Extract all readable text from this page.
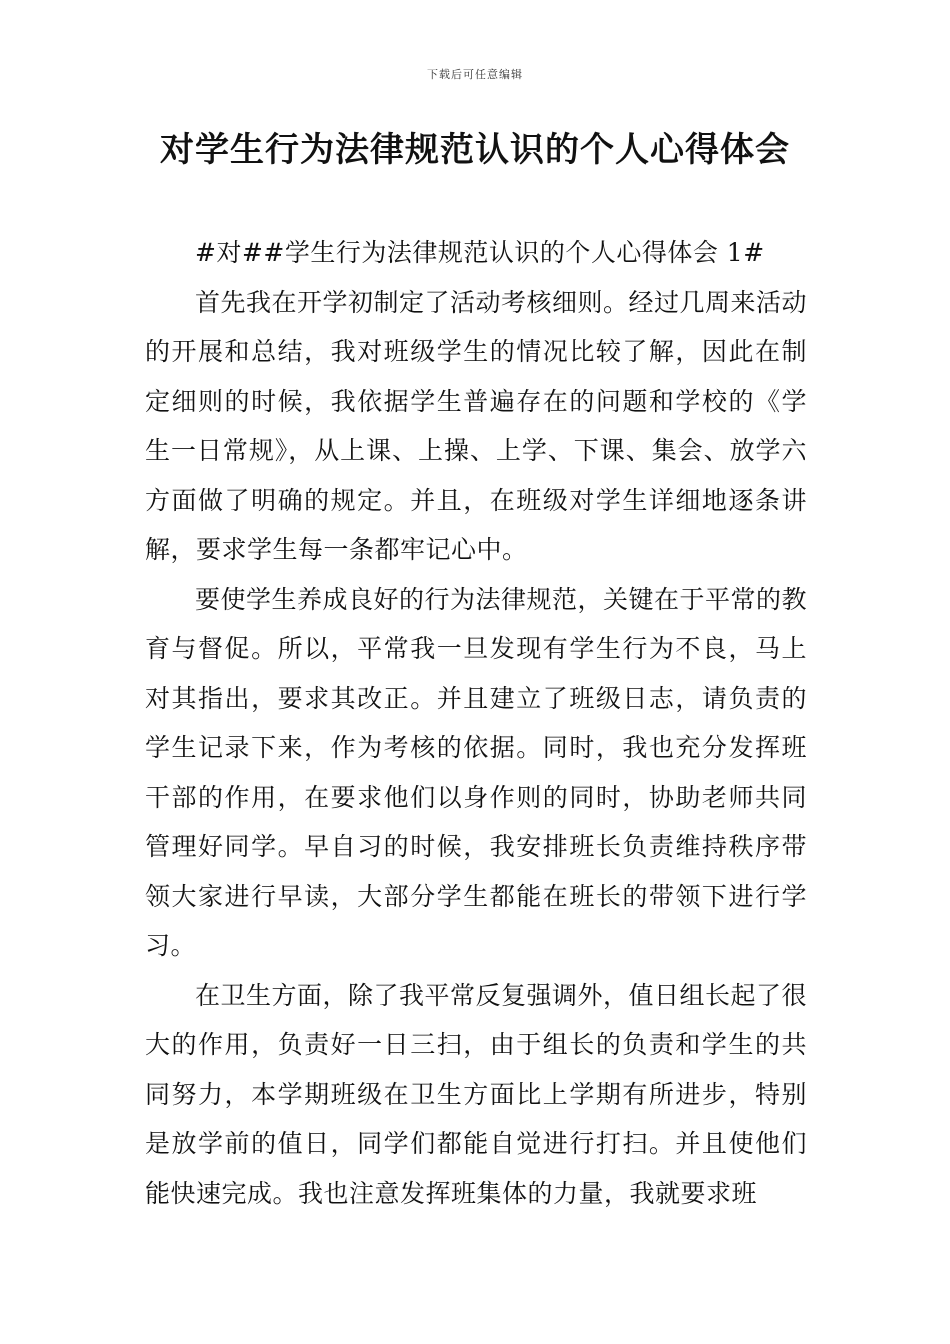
下载后可任意编辑
对学生行为法律规范认识的个人心得体会

#对##学生行为法律规范认识的个人心得体会 1#

首先我在开学初制定了活动考核细则。经过几周来活动的开展和总结，我对班级学生的情况比较了解，因此在制定细则的时候，我依据学生普遍存在的问题和学校的《学生一日常规》，从上课、上操、上学、下课、集会、放学六方面做了明确的规定。并且，在班级对学生详细地逐条讲解，要求学生每一条都牢记心中。

要使学生养成良好的行为法律规范，关键在于平常的教育与督促。所以，平常我一旦发现有学生行为不良，马上对其指出，要求其改正。并且建立了班级日志，请负责的学生记录下来，作为考核的依据。同时，我也充分发挥班干部的作用，在要求他们以身作则的同时，协助老师共同管理好同学。早自习的时候，我安排班长负责维持秩序带领大家进行早读，大部分学生都能在班长的带领下进行学习。

在卫生方面，除了我平常反复强调外，值日组长起了很大的作用，负责好一日三扫，由于组长的负责和学生的共同努力，本学期班级在卫生方面比上学期有所进步，特别是放学前的值日，同学们都能自觉进行打扫。并且使他们能快速完成。我也注意发挥班集体的力量，我就要求班
